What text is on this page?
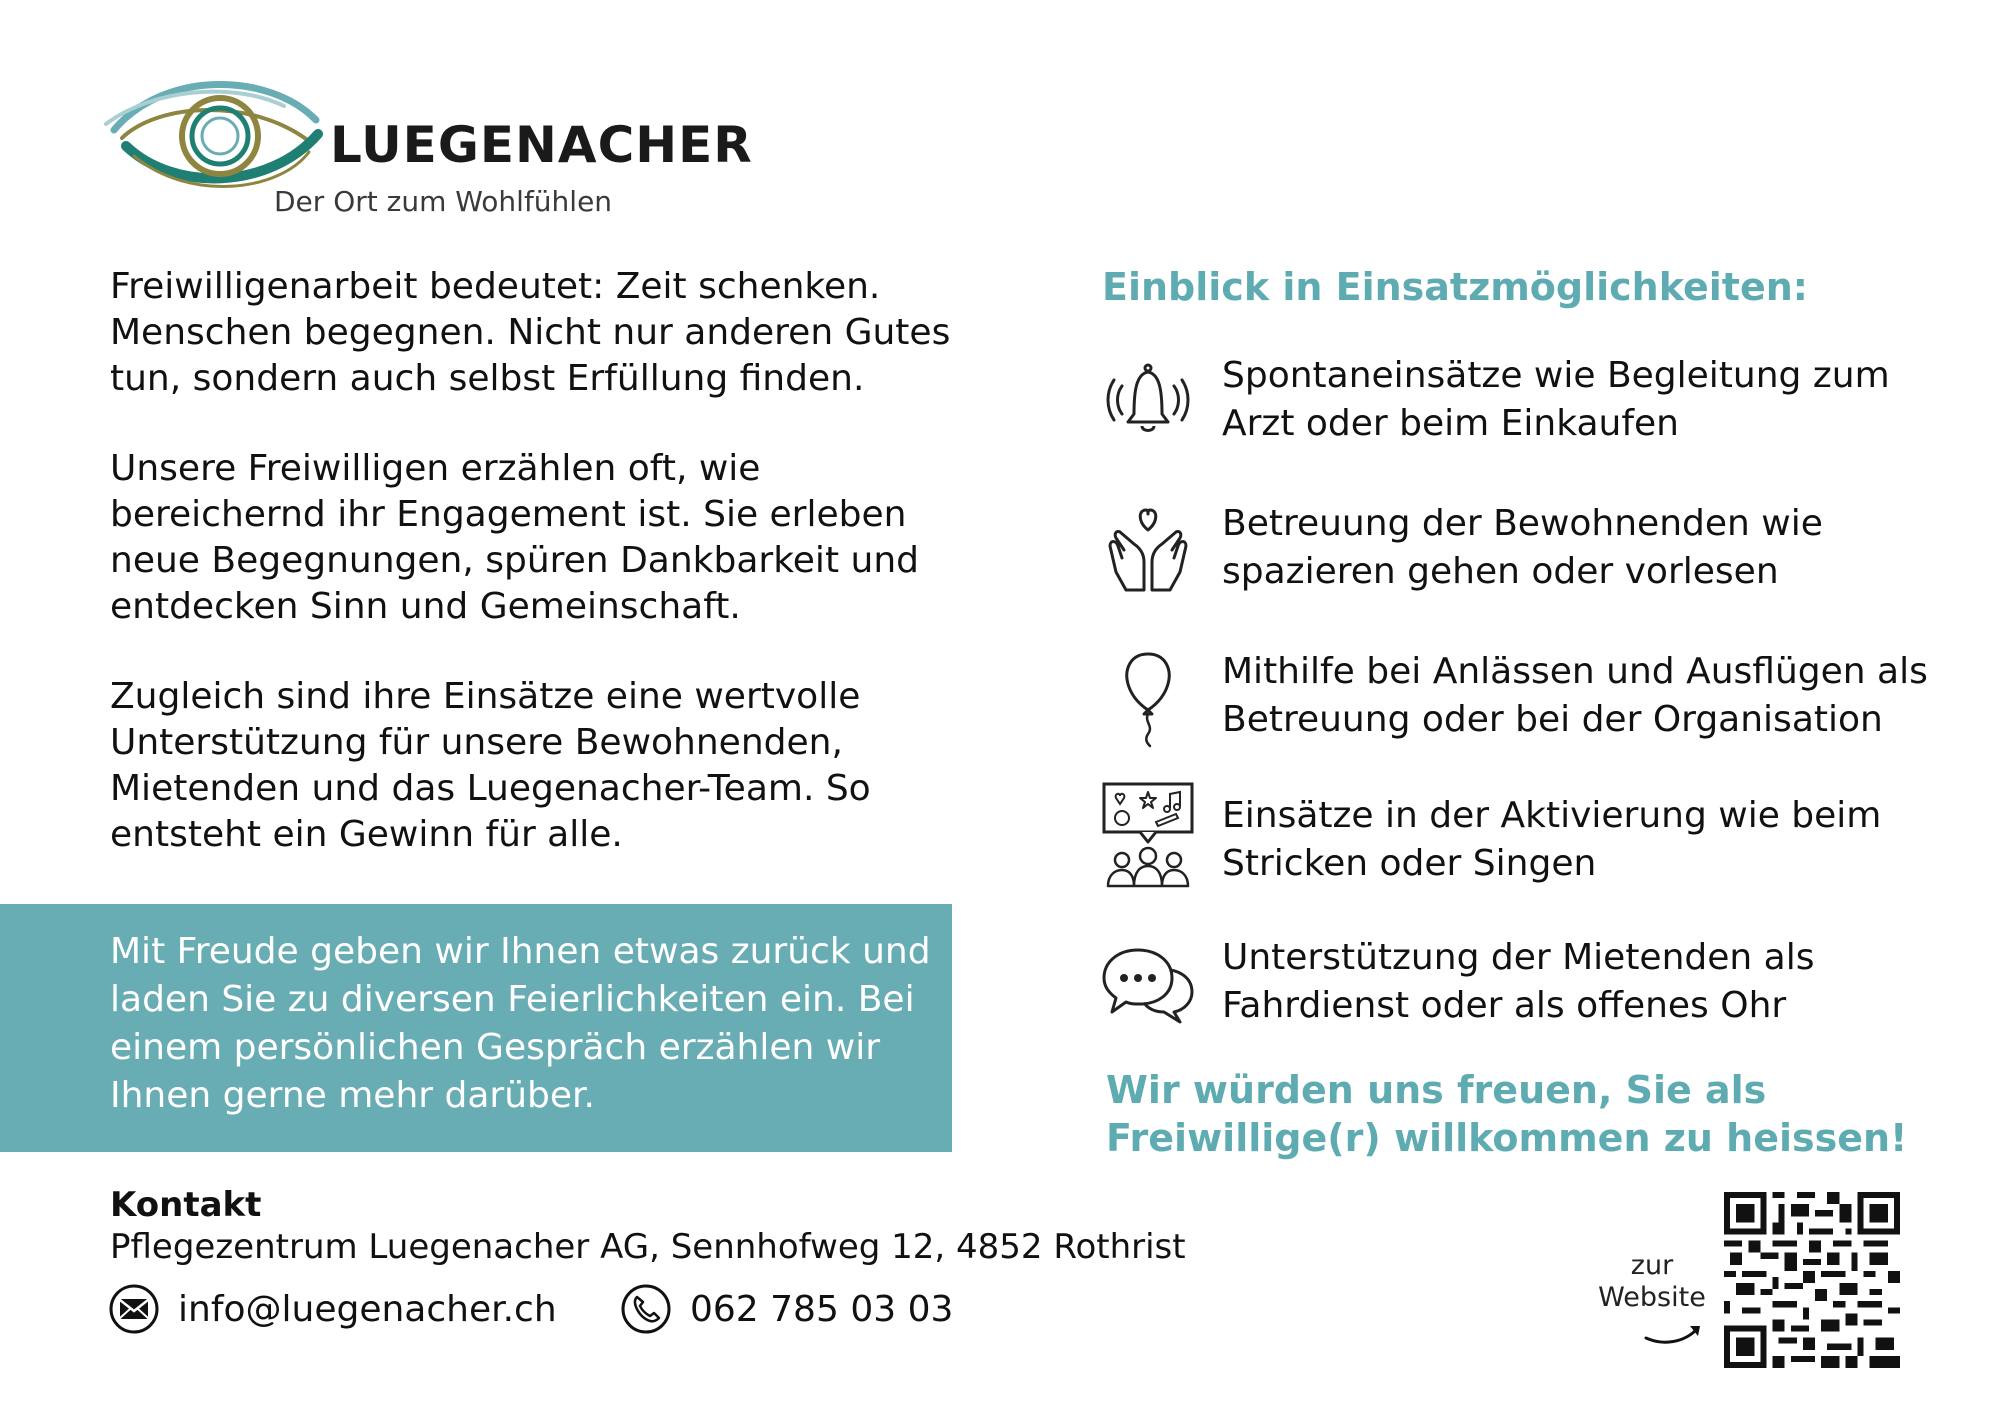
LUEGENACHER
Der Ort zum Wohlfühlen

Freiwilligenarbeit bedeutet: Zeit schenken. Menschen begegnen. Nicht nur anderen Gutes tun, sondern auch selbst Erfüllung finden.

Unsere Freiwilligen erzählen oft, wie bereichernd ihr Engagement ist. Sie erleben neue Begegnungen, spüren Dankbarkeit und entdecken Sinn und Gemeinschaft.

Zugleich sind ihre Einsätze eine wertvolle Unterstützung für unsere Bewohnenden, Mietenden und das Luegenacher-Team. So entsteht ein Gewinn für alle.

Mit Freude geben wir Ihnen etwas zurück und laden Sie zu diversen Feierlichkeiten ein. Bei einem persönlichen Gespräch erzählen wir Ihnen gerne mehr darüber.
Kontakt
Pflegezentrum Luegenacher AG, Sennhofweg 12, 4852 Rothrist
info@luegenacher.ch	062 785 03 03
Einblick in Einsatzmöglichkeiten:
Spontaneinsätze wie Begleitung zum Arzt oder beim Einkaufen
Betreuung der Bewohnenden wie spazieren gehen oder vorlesen
Mithilfe bei Anlässen und Ausflügen als Betreuung oder bei der Organisation
Einsätze in der Aktivierung wie beim Stricken oder Singen
Unterstützung der Mietenden als Fahrdienst oder als offenes Ohr
Wir würden uns freuen, Sie als Freiwillige(r) willkommen zu heissen!
zur
Website
